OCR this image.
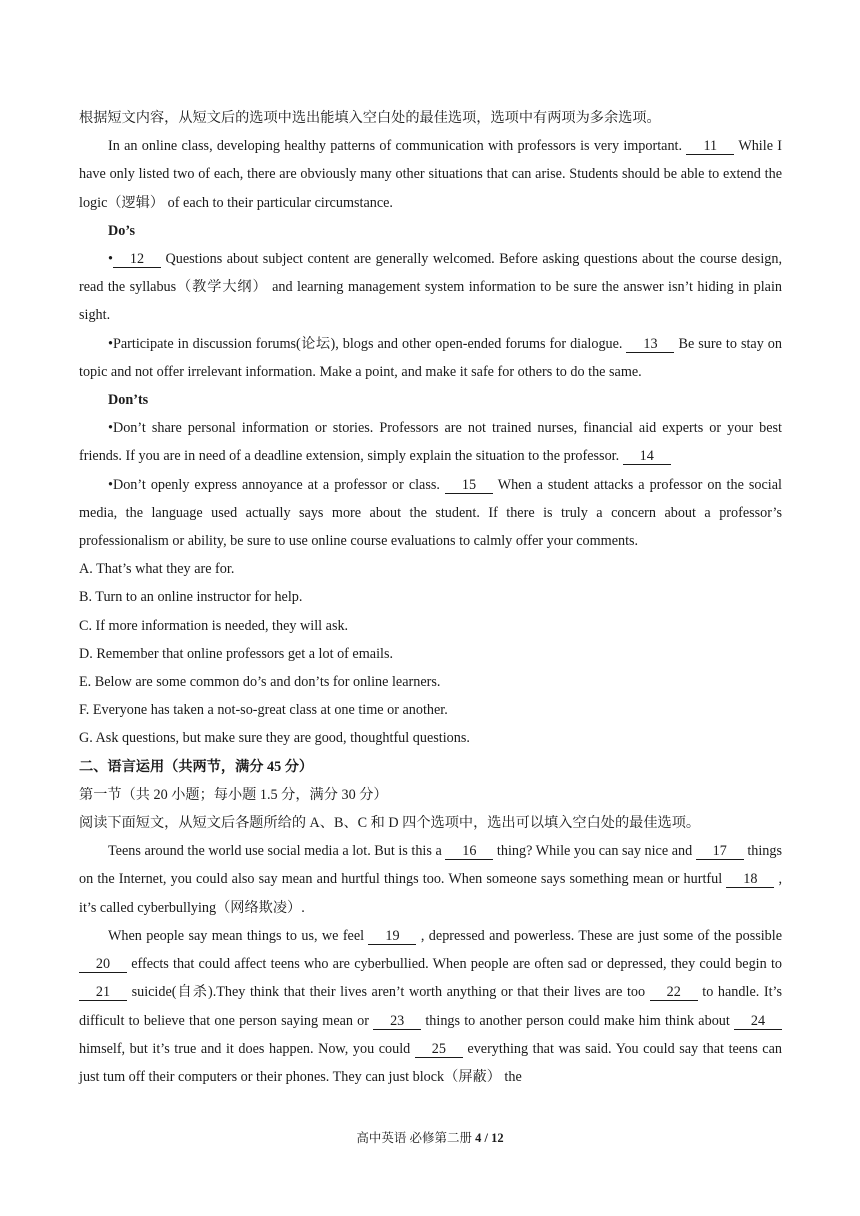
根据短文内容，从短文后的选项中选出能填入空白处的最佳选项，选项中有两项为多余选项。

In an online class, developing healthy patterns of communication with professors is very important. 11 While I have only listed two of each, there are obviously many other situations that can arise. Students should be able to extend the logic（逻辑） of each to their particular circumstance.

Do’s

• 12 Questions about subject content are generally welcomed. Before asking questions about the course design, read the syllabus（教学大纲） and learning management system information to be sure the answer isn’t hiding in plain sight.

•Participate in discussion forums(论坛), blogs and other open-ended forums for dialogue. 13 Be sure to stay on topic and not offer irrelevant information. Make a point, and make it safe for others to do the same.

Don’ts

•Don’t share personal information or stories. Professors are not trained nurses, financial aid experts or your best friends. If you are in need of a deadline extension, simply explain the situation to the professor. 14

•Don’t openly express annoyance at a professor or class. 15 When a student attacks a professor on the social media, the language used actually says more about the student. If there is truly a concern about a professor’s professionalism or ability, be sure to use online course evaluations to calmly offer your comments.

A. That’s what they are for.

B. Turn to an online instructor for help.

C. If more information is needed, they will ask.

D. Remember that online professors get a lot of emails.

E. Below are some common do’s and don’ts for online learners.

F. Everyone has taken a not-so-great class at one time or another.

G. Ask questions, but make sure they are good, thoughtful questions.

二、语言运用（共两节，满分 45 分）

第一节（共 20 小题；每小题 1.5 分，满分 30 分）

阅读下面短文，从短文后各题所给的 A、B、C 和 D 四个选项中，选出可以填入空白处的最佳选项。

Teens around the world use social media a lot. But is this a 16 thing? While you can say nice and 17 things on the Internet, you could also say mean and hurtful things too. When someone says something mean or hurtful 18 , it’s called cyberbullying（网络欺凌）.

When people say mean things to us, we feel 19 , depressed and powerless. These are just some of the possible 20 effects that could affect teens who are cyberbullied. When people are often sad or depressed, they could begin to 21 suicide(自杀).They think that their lives aren’t worth anything or that their lives are too 22 to handle. It’s difficult to believe that one person saying mean or 23 things to another person could make him think about 24 himself, but it’s true and it does happen. Now, you could 25 everything that was said. You could say that teens can just tum off their computers or their phones. They can just block（屏蔽） the

高中英语 必修第二册 4 / 12
